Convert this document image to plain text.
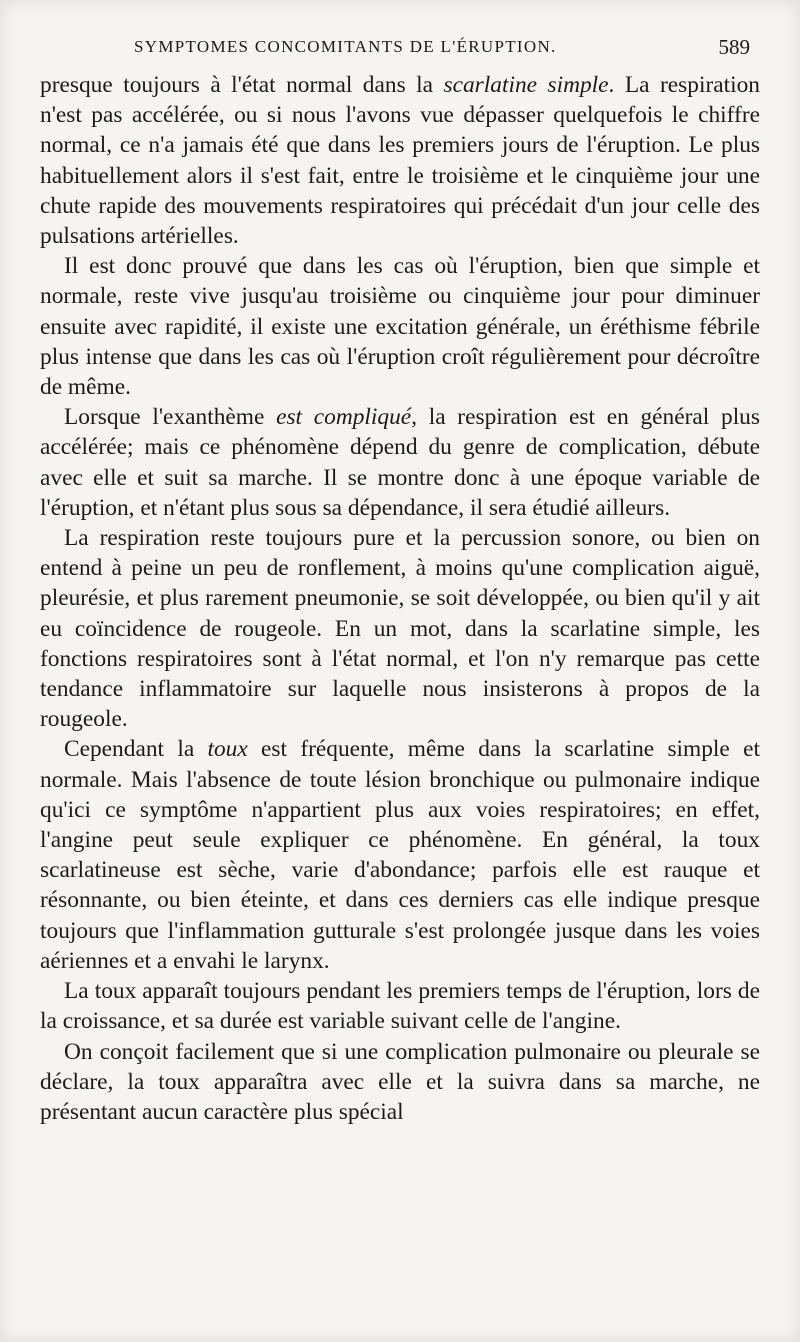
SYMPTOMES CONCOMITANTS DE L'ÉRUPTION.	589

presque toujours à l'état normal dans la scarlatine simple. La respiration n'est pas accélérée, ou si nous l'avons vue dépasser quelquefois le chiffre normal, ce n'a jamais été que dans les premiers jours de l'éruption. Le plus habituellement alors il s'est fait, entre le troisième et le cinquième jour une chute rapide des mouvements respiratoires qui précédait d'un jour celle des pulsations artérielles.

Il est donc prouvé que dans les cas où l'éruption, bien que simple et normale, reste vive jusqu'au troisième ou cinquième jour pour diminuer ensuite avec rapidité, il existe une excitation générale, un éréthisme fébrile plus intense que dans les cas où l'éruption croît régulièrement pour décroître de même.

Lorsque l'exanthème est compliqué, la respiration est en général plus accélérée; mais ce phénomène dépend du genre de complication, débute avec elle et suit sa marche. Il se montre donc à une époque variable de l'éruption, et n'étant plus sous sa dépendance, il sera étudié ailleurs.

La respiration reste toujours pure et la percussion sonore, ou bien on entend à peine un peu de ronflement, à moins qu'une complication aiguë, pleurésie, et plus rarement pneumonie, se soit développée, ou bien qu'il y ait eu coïncidence de rougeole. En un mot, dans la scarlatine simple, les fonctions respiratoires sont à l'état normal, et l'on n'y remarque pas cette tendance inflammatoire sur laquelle nous insisterons à propos de la rougeole.

Cependant la toux est fréquente, même dans la scarlatine simple et normale. Mais l'absence de toute lésion bronchique ou pulmonaire indique qu'ici ce symptôme n'appartient plus aux voies respiratoires; en effet, l'angine peut seule expliquer ce phénomène. En général, la toux scarlatineuse est sèche, varie d'abondance; parfois elle est rauque et résonnante, ou bien éteinte, et dans ces derniers cas elle indique presque toujours que l'inflammation gutturale s'est prolongée jusque dans les voies aériennes et a envahi le larynx.

La toux apparaît toujours pendant les premiers temps de l'éruption, lors de la croissance, et sa durée est variable suivant celle de l'angine.

On conçoit facilement que si une complication pulmonaire ou pleurale se déclare, la toux apparaîtra avec elle et la suivra dans sa marche, ne présentant aucun caractère plus spécial
